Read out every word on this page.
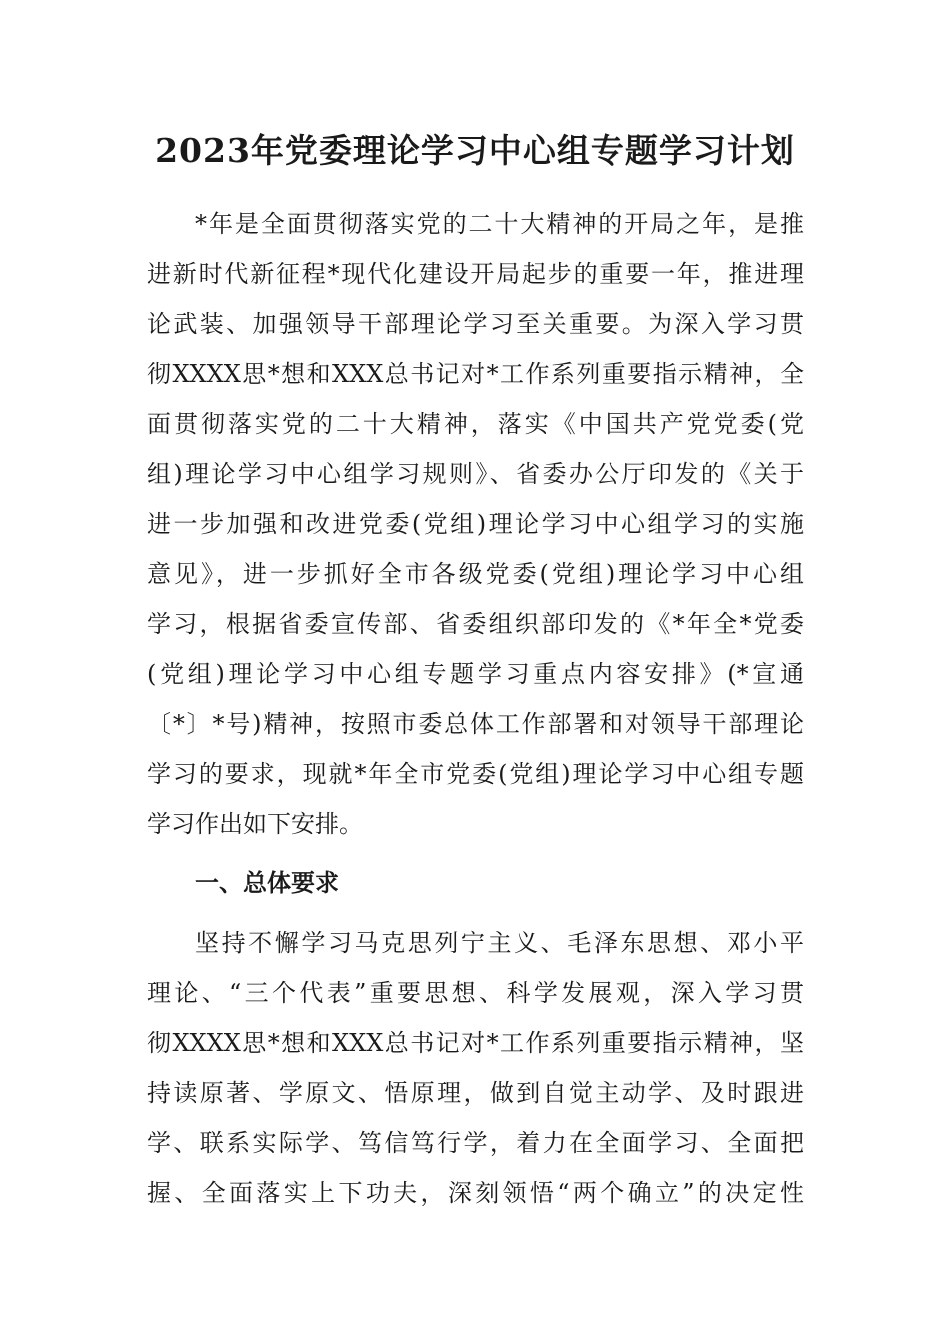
2023年党委理论学习中心组专题学习计划

*年是全面贯彻落实党的二十大精神的开局之年，是推

进新时代新征程*现代化建设开局起步的重要一年，推进理

论武装、加强领导干部理论学习至关重要。为深入学习贯

彻XXXX思*想和XXX总书记对*工作系列重要指示精神，全

面贯彻落实党的二十大精神，落实《中国共产党党委(党

组)理论学习中心组学习规则》、省委办公厅印发的《关于

进一步加强和改进党委(党组)理论学习中心组学习的实施

意见》，进一步抓好全市各级党委(党组)理论学习中心组

学习，根据省委宣传部、省委组织部印发的《*年全*党委

(党组)理论学习中心组专题学习重点内容安排》(*宣通

〔*〕*号)精神，按照市委总体工作部署和对领导干部理论

学习的要求，现就*年全市党委(党组)理论学习中心组专题

学习作出如下安排。

一、总体要求

坚持不懈学习马克思列宁主义、毛泽东思想、邓小平

理论、“三个代表”重要思想、科学发展观，深入学习贯

彻XXXX思*想和XXX总书记对*工作系列重要指示精神，坚

持读原著、学原文、悟原理，做到自觉主动学、及时跟进

学、联系实际学、笃信笃行学，着力在全面学习、全面把

握、全面落实上下功夫，深刻领悟“两个确立”的决定性
